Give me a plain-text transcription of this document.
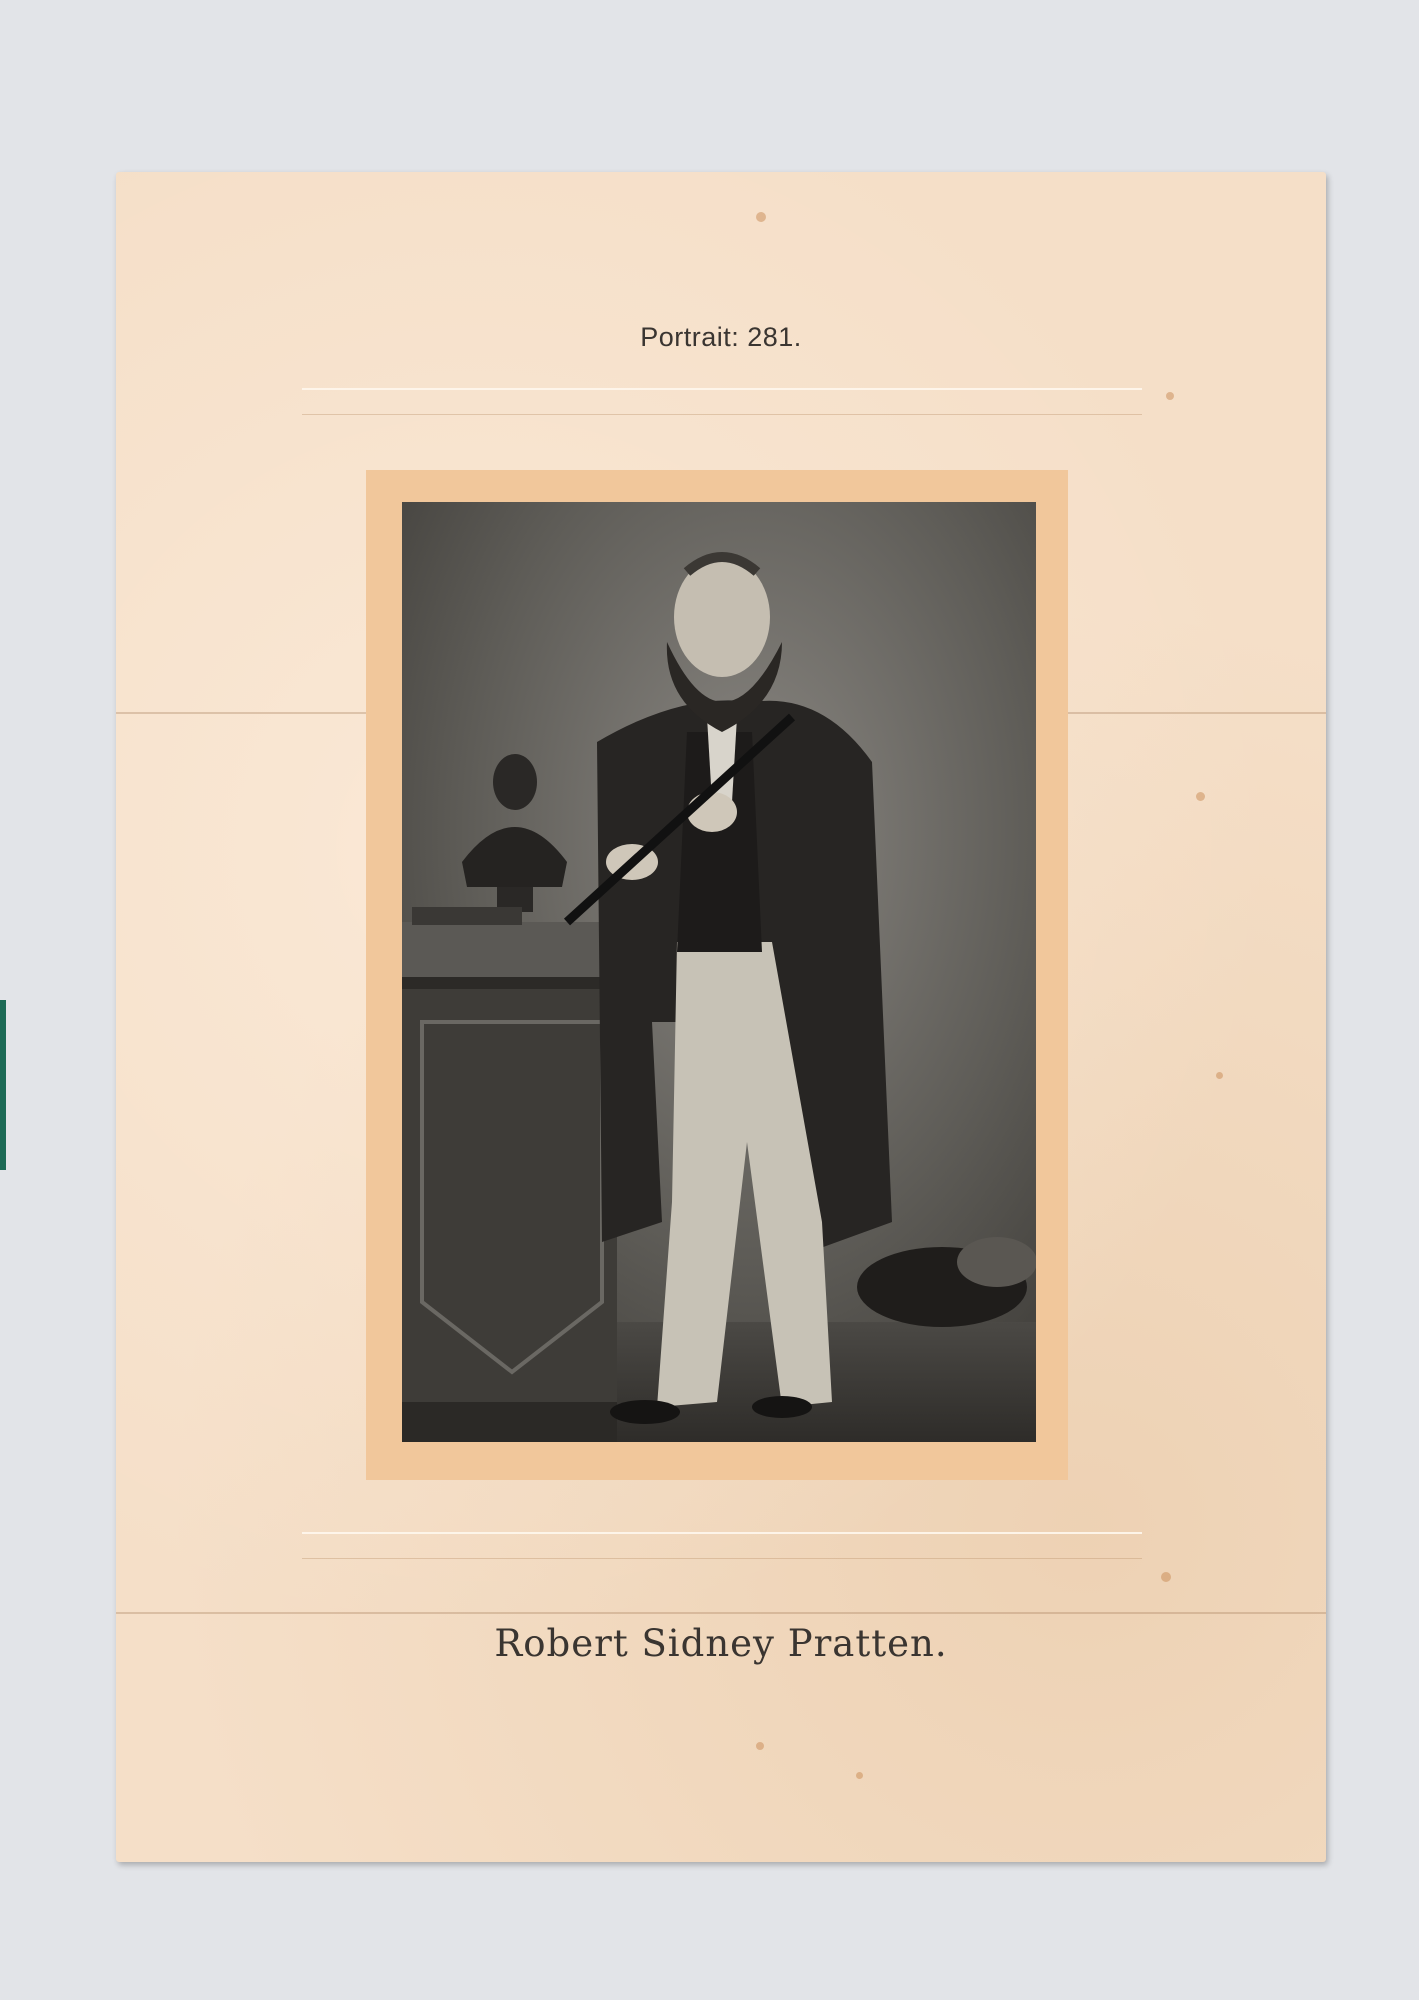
Portrait: 281.
Robert Sidney Pratten.
